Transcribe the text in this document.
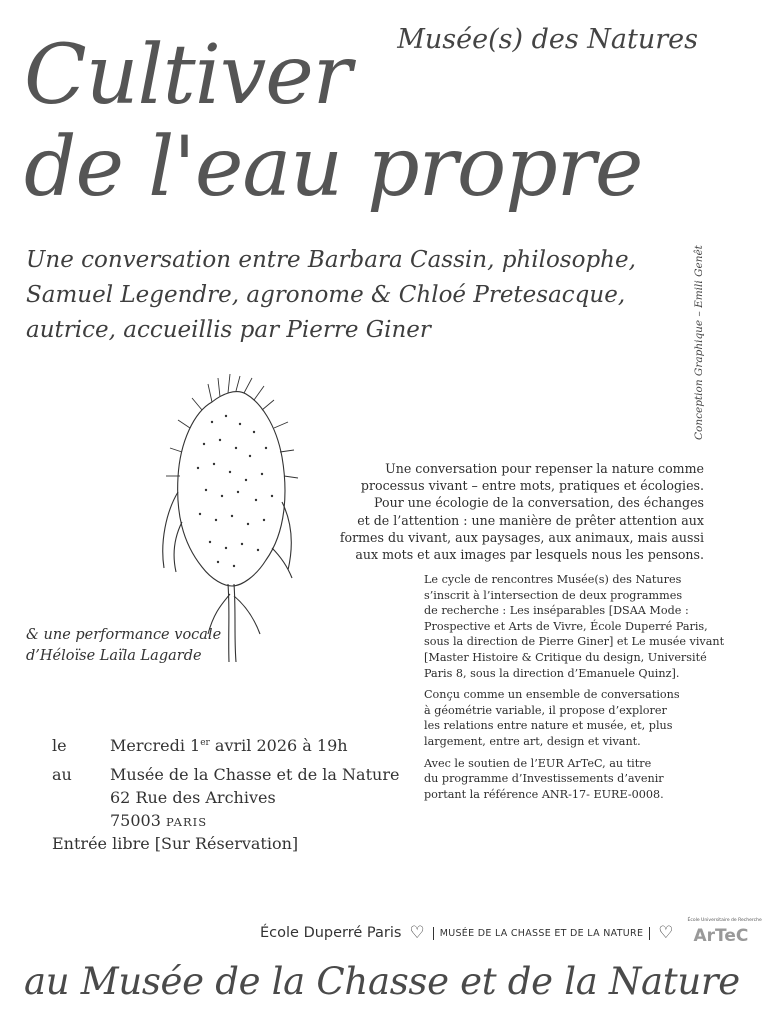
Musée(s) des Natures
Cultiver
de l'eau propre
Conception Graphique – Emili Genêt
Une conversation entre Barbara Cassin, philosophe,
Samuel Legendre, agronome & Chloé Pretesacque,
autrice, accueillis par Pierre Giner
Une conversation pour repenser la nature comme
processus vivant – entre mots, pratiques et écologies.
Pour une écologie de la conversation, des échanges
et de l’attention : une manière de prêter attention aux
formes du vivant, aux paysages, aux animaux, mais aussi
aux mots et aux images par lesquels nous les pensons.
Le cycle de rencontres Musée(s) des Natures
s’inscrit à l’intersection de deux programmes
de recherche : Les inséparables [DSAA Mode :
Prospective et Arts de Vivre, École Duperré Paris,
sous la direction de Pierre Giner] et Le musée vivant
[Master Histoire & Critique du design, Université
Paris 8, sous la direction d’Emanuele Quinz].
Conçu comme un ensemble de conversations
à géométrie variable, il propose d’explorer
les relations entre nature et musée, et, plus
largement, entre art, design et vivant.
Avec le soutien de l’EUR ArTeC, au titre
du programme d’Investissements d’avenir
portant la référence ANR-17- EURE-0008.
& une performance vocale
d’Héloïse Laïla Lagarde
le	Mercredi 1er avril 2026 à 19h
au	Musée de la Chasse et de la Nature
62 Rue des Archives
75003 PARIS
Entrée libre [Sur Réservation]
École Duperré Paris ♡	MUSÉE DE LA CHASSE ET DE LA NATURE ♡
École Universitaire de Recherche
ArTeC
au Musée de la Chasse et de la Nature
